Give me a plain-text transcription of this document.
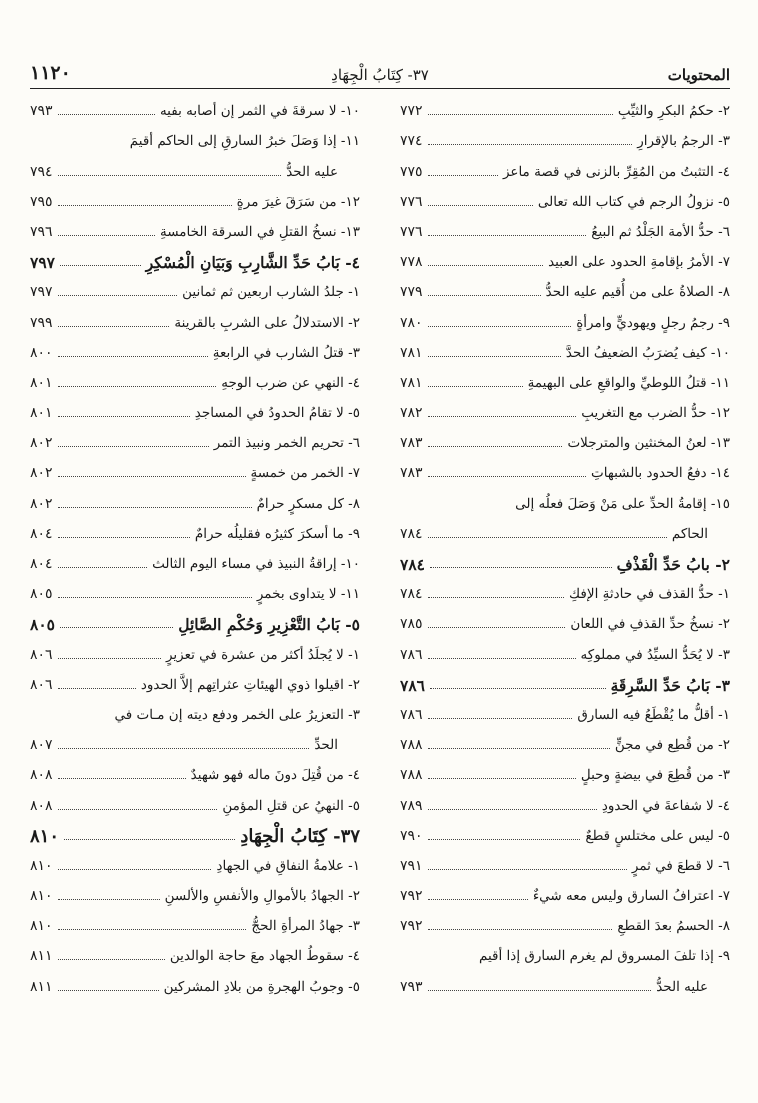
المحتويات
٣٧- كِتَابُ الْجِهَادِ
١١٢٠
٢- حكمُ البكرِ والثيِّبِ
٧٧٢
٣- الرجمُ بالإقرارِ
٧٧٤
٤- التثبتُ من المُقِرِّ بالزنى في قصة ماعز
٧٧٥
٥- نزولُ الرجم في كتاب الله تعالى
٧٧٦
٦- حدُّ الأمة الجَلْدُ ثم البيعُ
٧٧٦
٧- الأمرُ بإقامةِ الحدود على العبيد
٧٧٨
٨- الصلاةُ على من أُقيم عليه الحدُّ
٧٧٩
٩- رجمُ رجلٍ ويهوديٍّ وامرأةٍ
٧٨٠
١٠- كيف يُضرَبُ الضعيفُ الحدَّ
٧٨١
١١- قتلُ اللوطيِّ والواقعِ على البهيمةِ
٧٨١
١٢- حدُّ الضرب مع التغريبِ
٧٨٢
١٣- لعنُ المخنثين والمترجلات
٧٨٣
١٤- دفعُ الحدود بالشبهاتِ
٧٨٣
١٥- إقامةُ الحدِّ على مَنْ وَصَلَ فعلُه إلى
الحاكم
٧٨٤
٢- بابُ حَدِّ الْقَذْفِ
٧٨٤
١- حدُّ القذف في حادثةِ الإفكِ
٧٨٤
٢- نسخُ حدِّ القذفِ في اللعان
٧٨٥
٣- لا يُحَدُّ السيِّدُ في مملوكِه
٧٨٦
٣- بَابُ حَدِّ السَّرِقَةِ
٧٨٦
١- أقلُّ ما يُقْطَعُ فيه السارق
٧٨٦
٢- من قُطِع في مجنٍّ
٧٨٨
٣- من قُطِعَ في بيضةٍ وحبلٍ
٧٨٨
٤- لا شفاعةَ في الحدودِ
٧٨٩
٥- ليس على مختلسٍ قطعٌ
٧٩٠
٦- لا قطعَ في ثمرٍ
٧٩١
٧- اعترافُ السارق وليس معه شيءٌ
٧٩٢
٨- الحسمُ بعدَ القطعِ
٧٩٢
٩- إذا تلفَ المسروق لم يغرم السارق إذا أقيم
عليه الحدُّ
٧٩٣
١٠- لا سرقةَ في الثمر إن أصابه بفيه
٧٩٣
١١- إذا وَصَلَ خبرُ السارقِ إلى الحاكم أقيمَ
عليه الحدُّ
٧٩٤
١٢- من سَرَقَ غيرَ مرةٍ
٧٩٥
١٣- نسخُ القتلِ في السرقة الخامسةِ
٧٩٦
٤- بَابُ حَدِّ الشَّارِبِ وَبَيَانِ الْمُسْكِرِ
٧٩٧
١- جلدُ الشارب اربعين ثم ثمانين
٧٩٧
٢- الاستدلالُ على الشربِ بالقرينة
٧٩٩
٣- قتلُ الشارب في الرابعةِ
٨٠٠
٤- النهي عن ضرب الوجهِ
٨٠١
٥- لا تقامُ الحدودُ في المساجدِ
٨٠١
٦- تحريم الخمر ونبيذ التمر
٨٠٢
٧- الخمر من خمسةٍ
٨٠٢
٨- كل مسكرٍ حرامٌ
٨٠٢
٩- ما أسكرَ كثيرُه فقليلُه حرامٌ
٨٠٤
١٠- إراقةُ النبيذ في مساء اليوم الثالث
٨٠٤
١١- لا يتداوى بخمرٍ
٨٠٥
٥- بَابُ التَّعْزِيرِ وَحُكْمِ الصَّائِلِ
٨٠٥
١- لا يُجلَدُ أكثر من عشرة في تعزيرٍ
٨٠٦
٢- اقيلوا ذوي الهيئاتِ عثراتِهم إلاَّ الحدود
٨٠٦
٣- التعزيرُ على الخمر ودفع ديته إن مـات في
الحدِّ
٨٠٧
٤- من قُتِلَ دونَ ماله فهو شهيدٌ
٨٠٨
٥- النهيُ عن قتلِ المؤمنِ
٨٠٨
٣٧- كِتَابُ الْجِهَادِ
٨١٠
١- علامةُ النفاقِ في الجهادِ
٨١٠
٢- الجهادُ بالأموالِ والأنفسِ والألسنِ
٨١٠
٣- جهادُ المرأةِ الحجُّ
٨١٠
٤- سقوطُ الجهاد معَ حاجة الوالدين
٨١١
٥- وجوبُ الهجرةِ من بلادِ المشركين
٨١١
